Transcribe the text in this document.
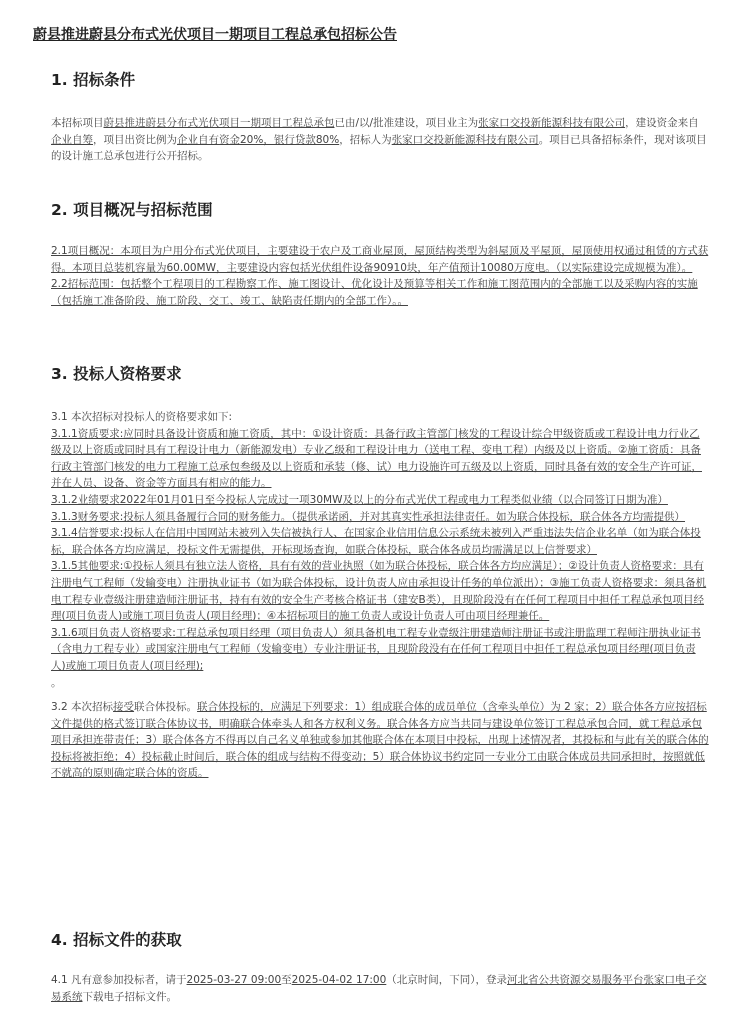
蔚县推进蔚县分布式光伏项目一期项目工程总承包招标公告
1. 招标条件

本招标项目蔚县推进蔚县分布式光伏项目一期项目工程总承包已由/以/批准建设，项目业主为张家口交投新能源科技有限公司，建设资金来自企业自筹，项目出资比例为企业自有资金20%，银行贷款80%，招标人为张家口交投新能源科技有限公司。项目已具备招标条件，现对该项目的设计施工总承包进行公开招标。

2. 项目概况与招标范围

2.1项目概况：本项目为户用分布式光伏项目，主要建设于农户及工商业屋顶，屋顶结构类型为斜屋顶及平屋顶，屋顶使用权通过租赁的方式获得。本项目总装机容量为60.00MW，主要建设内容包括光伏组件设备90910块，年产值预计10080万度电。（以实际建设完成规模为准）。

2.2招标范围：包括整个工程项目的工程勘察工作、施工图设计、优化设计及预算等相关工作和施工图范围内的全部施工以及采购内容的实施（包括施工准备阶段、施工阶段、交工、竣工、缺陷责任期内的全部工作）。。

3. 投标人资格要求

3.1 本次招标对投标人的资格要求如下:

3.1.1资质要求:应同时具备设计资质和施工资质，其中：①设计资质：具备行政主管部门核发的工程设计综合甲级资质或工程设计电力行业乙级及以上资质或同时具有工程设计电力（新能源发电）专业乙级和工程设计电力（送电工程、变电工程）内级及以上资质。②施工资质：具备行政主管部门核发的电力工程施工总承包叁级及以上资质和承装（修、试）电力设施许可五级及以上资质，同时具备有效的安全生产许可证，并在人员、设备、资金等方面具有相应的能力。

3.1.2业绩要求2022年01月01日至今投标人完成过一项30MW及以上的分布式光伏工程或电力工程类似业绩（以合同签订日期为准）

3.1.3财务要求:投标人须具备履行合同的财务能力。（提供承诺函，并对其真实性承担法律责任。如为联合体投标，联合体各方均需提供）

3.1.4信誉要求:投标人在信用中国网站未被列入失信被执行人、在国家企业信用信息公示系统未被列入严重违法失信企业名单（如为联合体投标，联合体各方均应满足，投标文件无需提供，开标现场查询，如联合体投标，联合体各成员均需满足以上信誉要求）

3.1.5其他要求:①投标人须具有独立法人资格，具有有效的营业执照（如为联合体投标，联合体各方均应满足）；②设计负责人资格要求：具有注册电气工程师（发输变电）注册执业证书（如为联合体投标，设计负责人应由承担设计任务的单位派出）；③施工负责人资格要求：须具备机电工程专业壹级注册建造师注册证书，持有有效的安全生产考核合格证书（建安B类），且现阶段没有在任何工程项目中担任工程总承包项目经理(项目负责人)或施工项目负责人(项目经理)；④本招标项目的施工负责人或设计负责人可由项目经理兼任。

3.1.6项目负责人资格要求:工程总承包项目经理（项目负责人）须具备机电工程专业壹级注册建造师注册证书或注册监理工程师注册执业证书（含电力工程专业）或国家注册电气工程师（发输变电）专业注册证书，且现阶段没有在任何工程项目中担任工程总承包项目经理(项目负责人)或施工项目负责人(项目经理);

。

3.2 本次招标接受联合体投标。联合体投标的，应满足下列要求：1）组成联合体的成员单位（含牵头单位）为 2 家；2）联合体各方应按招标文件提供的格式签订联合体协议书，明确联合体牵头人和各方权利义务。联合体各方应当共同与建设单位签订工程总承包合同，就工程总承包项目承担连带责任；3）联合体各方不得再以自己名义单独或参加其他联合体在本项目中投标，出现上述情况者，其投标和与此有关的联合体的投标将被拒绝；4）投标截止时间后，联合体的组成与结构不得变动；5）联合体协议书约定同一专业分工由联合体成员共同承担时，按照就低不就高的原则确定联合体的资质。

4. 招标文件的获取

4.1 凡有意参加投标者，请于2025-03-27 09:00至2025-04-02 17:00（北京时间，下同），登录河北省公共资源交易服务平台张家口电子交易系统下载电子招标文件。
